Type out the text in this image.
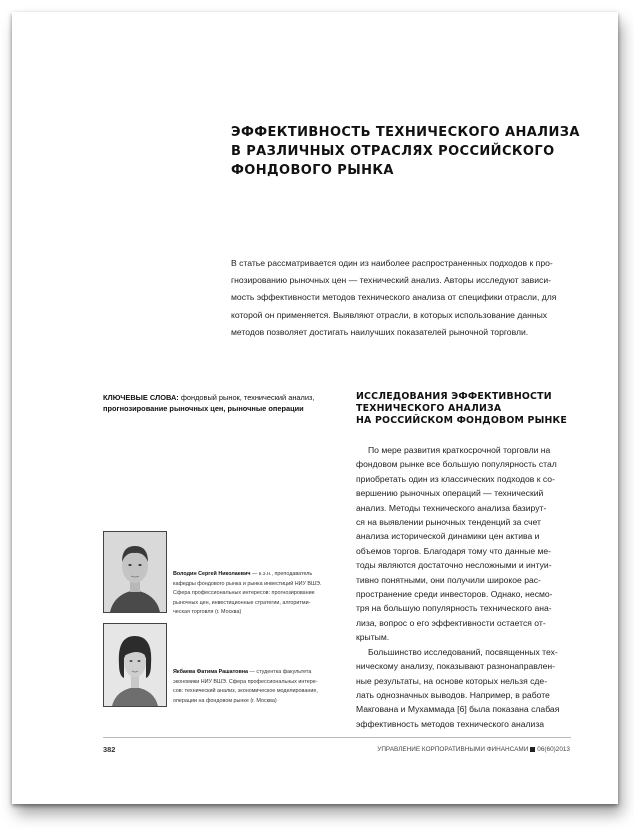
ЭФФЕКТИВНОСТЬ ТЕХНИЧЕСКОГО АНАЛИЗА
В РАЗЛИЧНЫХ ОТРАСЛЯХ РОССИЙСКОГО
ФОНДОВОГО РЫНКА
В статье рассматривается один из наиболее распространенных подходов к про-
гнозированию рыночных цен — технический анализ. Авторы исследуют зависи-
мость эффективности методов технического анализа от специфики отрасли, для
которой он применяется. Выявляют отрасли, в которых использование данных
методов позволяет достигать наилучших показателей рыночной торговли.
КЛЮЧЕВЫЕ СЛОВА: фондовый рынок, технический анализ,
прогнозирование рыночных цен, рыночные операции
ИССЛЕДОВАНИЯ ЭФФЕКТИВНОСТИ
ТЕХНИЧЕСКОГО АНАЛИЗА
НА РОССИЙСКОМ ФОНДОВОМ РЫНКЕ
По мере развития краткосрочной торговли на
фондовом рынке все большую популярность стал
приобретать один из классических подходов к со-
вершению рыночных операций — технический
анализ. Методы технического анализа базирут-
ся на выявлении рыночных тенденций за счет
анализа исторической динамики цен актива и
объемов торгов. Благодаря тому что данные ме-
тоды являются достаточно несложными и интуи-
тивно понятными, они получили широкое рас-
пространение среди инвесторов. Однако, несмо-
тря на большую популярность технического ана-
лиза, вопрос о его эффективности остается от-
крытым.
Большинство исследований, посвященных тех-
ническому анализу, показывают разнонаправлен-
ные результаты, на основе которых нельзя сде-
лать однозначных выводов. Например, в работе
Макгована и Мухаммада [6] была показана слабая
эффективность методов технического анализа
Володин Сергей Николаевич — к.э.н., преподаватель
кафедры фондового рынка и рынка инвестиций НИУ ВШЭ.
Сфера профессиональных интересов: прогнозирование
рыночных цен, инвестиционные стратегии, алгоритми-
ческая торговля (г. Москва)
Якбаева Фатима Рашатовна — студентка факультета
экономики НИУ ВШЭ. Сфера профессиональных интере-
сов: технический анализ, экономическое моделирование,
операции на фондовом рынке (г. Москва)
382	УПРАВЛЕНИЕ КОРПОРАТИВНЫМИ ФИНАНСАМИ 06(60)2013
